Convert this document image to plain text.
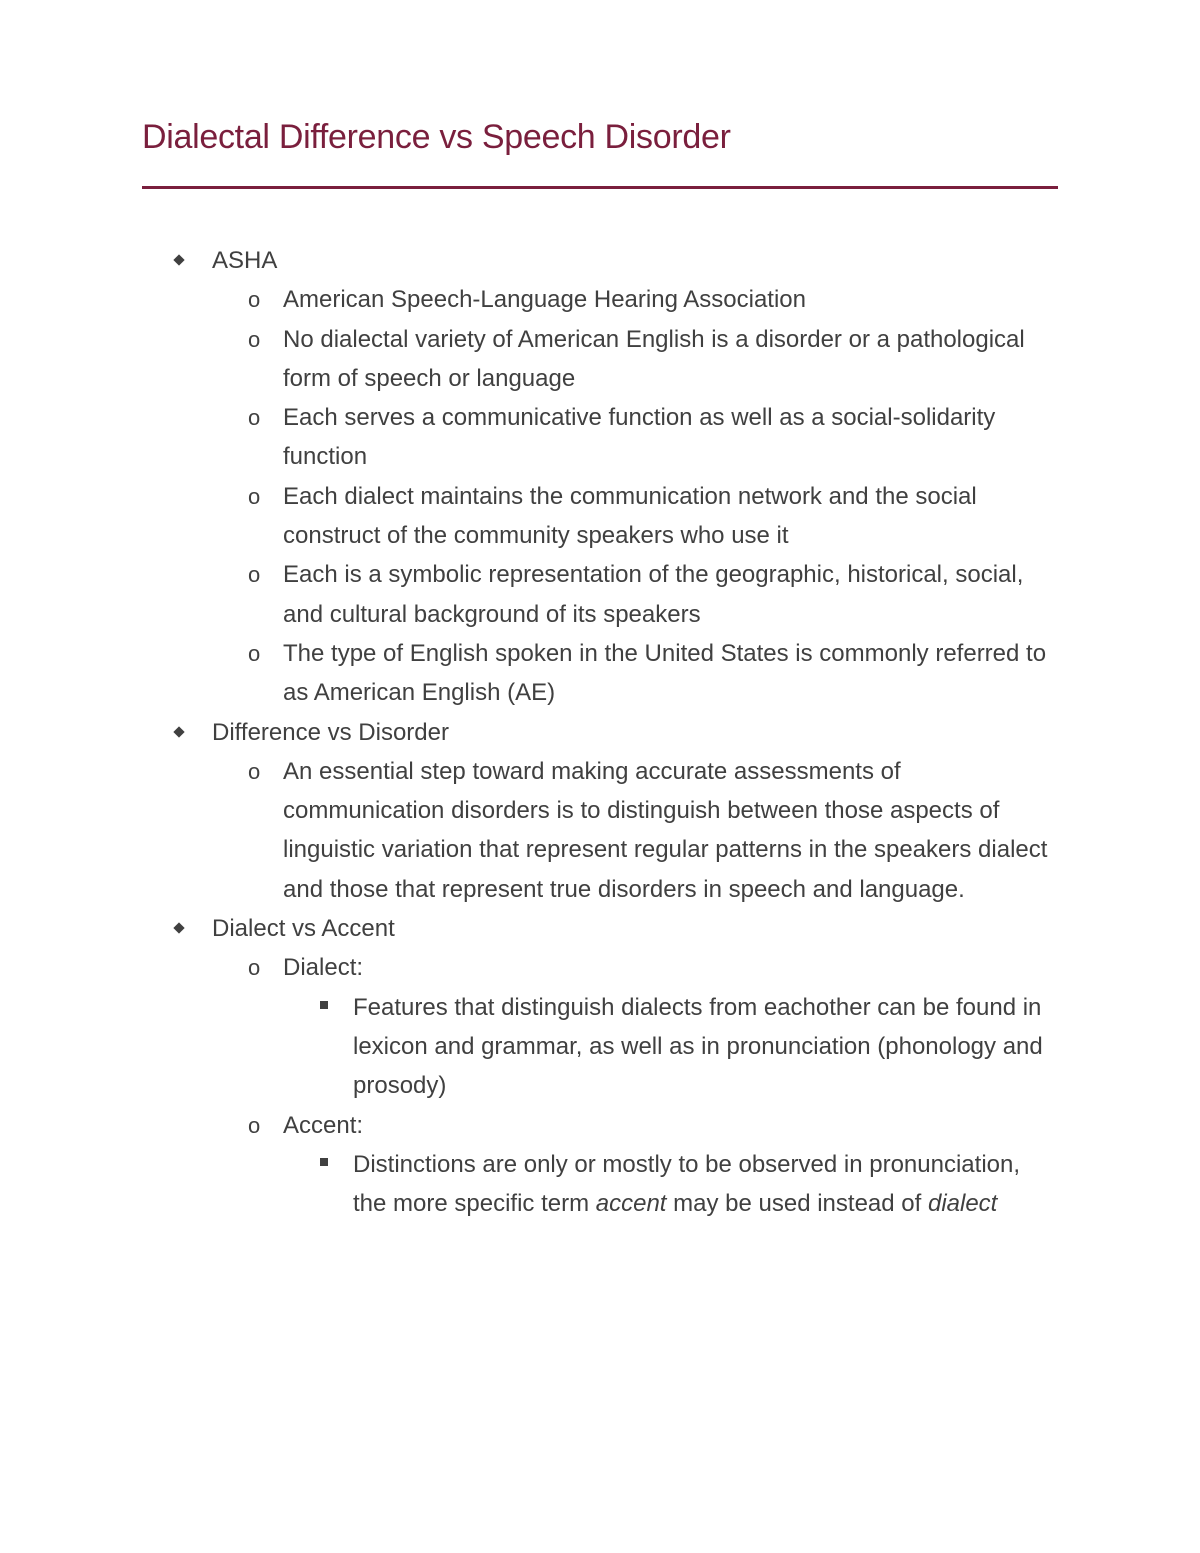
Dialectal Difference vs Speech Disorder
ASHA
o American Speech-Language Hearing Association
o No dialectal variety of American English is a disorder or a pathological form of speech or language
o Each serves a communicative function as well as a social-solidarity function
o Each dialect maintains the communication network and the social construct of the community speakers who use it
o Each is a symbolic representation of the geographic, historical, social, and cultural background of its speakers
o The type of English spoken in the United States is commonly referred to as American English (AE)
Difference vs Disorder
o An essential step toward making accurate assessments of communication disorders is to distinguish between those aspects of linguistic variation that represent regular patterns in the speakers dialect and those that represent true disorders in speech and language.
Dialect vs Accent
o Dialect:
Features that distinguish dialects from eachother can be found in lexicon and grammar, as well as in pronunciation (phonology and prosody)
o Accent:
Distinctions are only or mostly to be observed in pronunciation, the more specific term accent may be used instead of dialect
